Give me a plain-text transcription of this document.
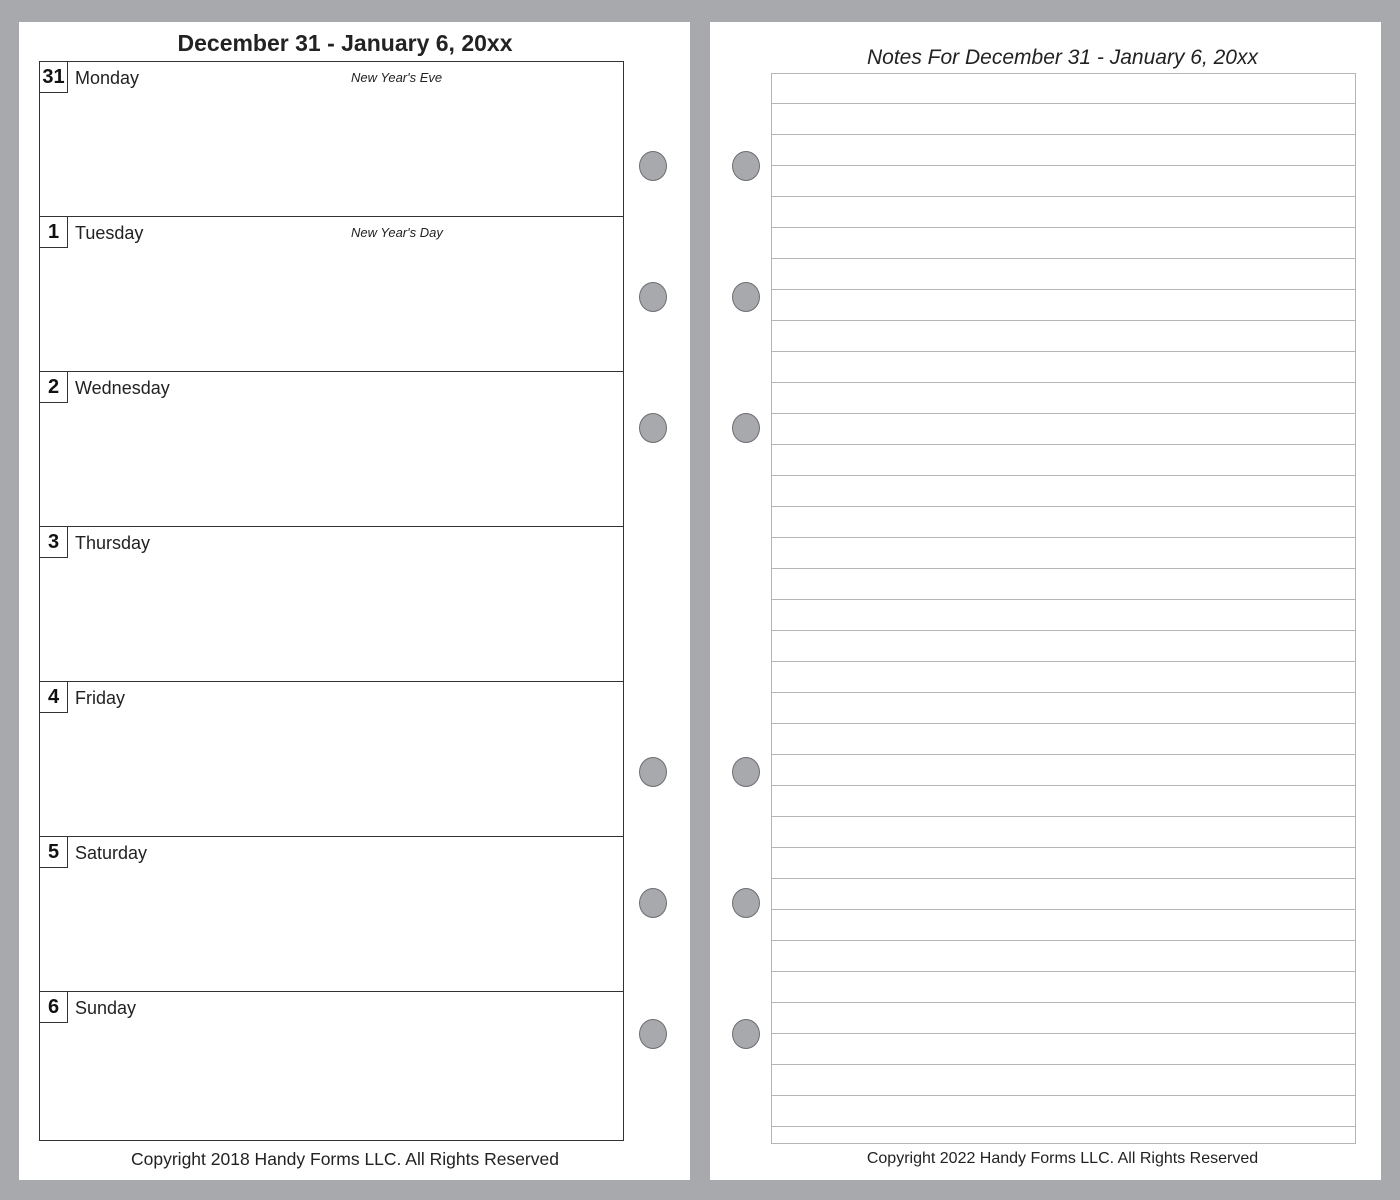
December 31 - January 6, 20xx
31 Monday	New Year's Eve
1 Tuesday	New Year's Day
2 Wednesday
3 Thursday
4 Friday
5 Saturday
6 Sunday
Copyright 2018 Handy Forms LLC. All Rights Reserved
Notes For December 31 - January 6, 20xx
Copyright 2022 Handy Forms LLC. All Rights Reserved
